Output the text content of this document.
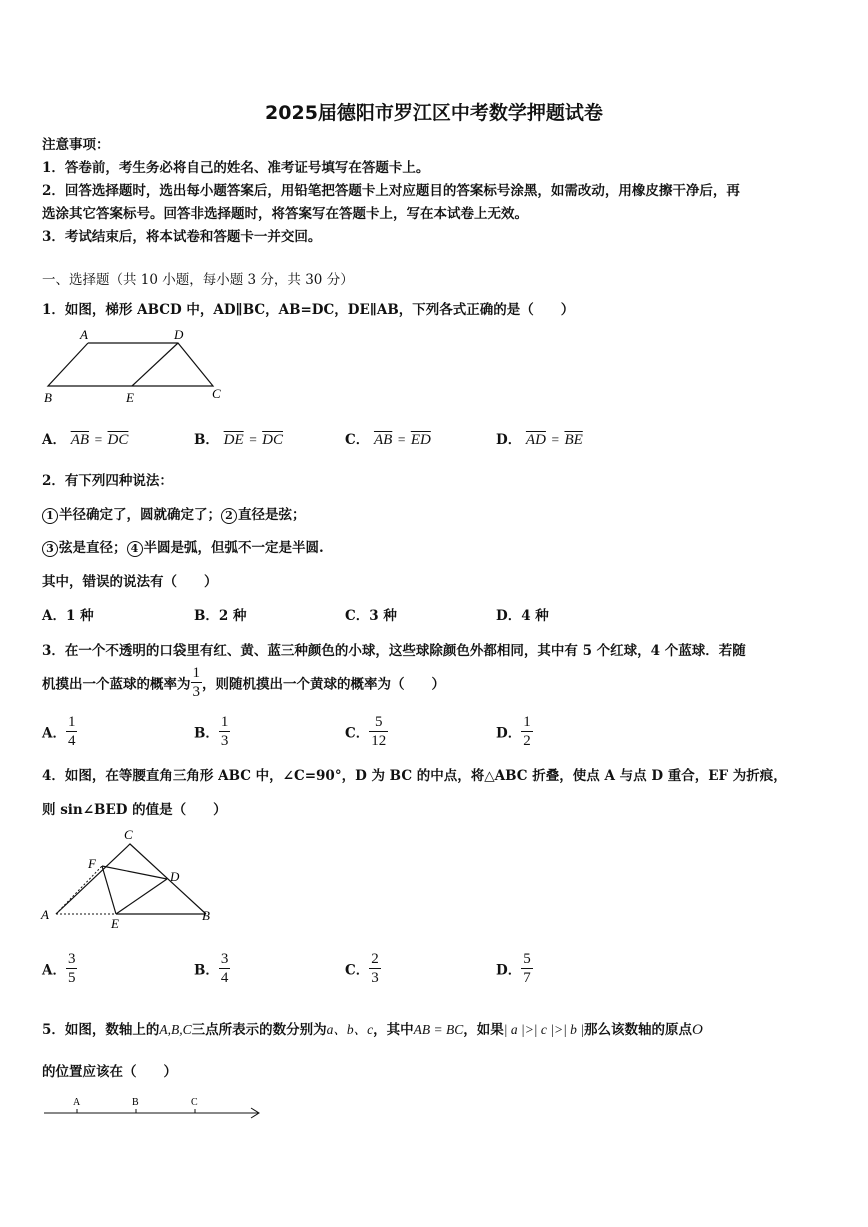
2025届德阳市罗江区中考数学押题试卷
注意事项：
1．答卷前，考生务必将自己的姓名、准考证号填写在答题卡上。
2．回答选择题时，选出每小题答案后，用铅笔把答题卡上对应题目的答案标号涂黑，如需改动，用橡皮擦干净后，再
选涂其它答案标号。回答非选择题时，将答案写在答题卡上，写在本试卷上无效。
3．考试结束后，将本试卷和答题卡一并交回。
一、选择题（共 10 小题，每小题 3 分，共 30 分）
1．如图，梯形 ABCD 中，AD∥BC，AB=DC，DE∥AB，下列各式正确的是（　　）
A	D
B	E	C
A． $\overline{AB} = \overline{DC}$	B． $\overline{DE} = \overline{DC}$	C． $\overline{AB} = \overline{ED}$	D． $\overline{AD} = \overline{BE}$
2．有下列四种说法：
1 半径确定了，圆就确定了； 2 直径是弦；
3 弦是直径； 4 半圆是弧，但弧不一定是半圆.
其中，错误的说法有（　　）
A．1 种	B．2 种	C．3 种	D．4 种
3．在一个不透明的口袋里有红、黄、蓝三种颜色的小球，这些球除颜色外都相同，其中有 5 个红球，4 个蓝球．若随
机摸出一个蓝球的概率为 $\frac{1}{3}$ ，则随机摸出一个黄球的概率为（　　）
A． $\frac{1}{4}$	B． $\frac{1}{3}$	C． $\frac{5}{12}$	D． $\frac{1}{2}$
4．如图，在等腰直角三角形 ABC 中，∠C=90°，D 为 BC 的中点，将△ABC 折叠，使点 A 与点 D 重合，EF 为折痕，
则 sin∠BED 的值是（　　）
C
F
D
A
E
B
A． $\frac{3}{5}$	B． $\frac{3}{4}$	C． $\frac{2}{3}$	D． $\frac{5}{7}$
5．如图，数轴上的A,B,C三点所表示的数分别为a、b、c，其中AB = BC，如果| a |>| c |>| b |那么该数轴的原点O
的位置应该在（　　）
A	B	C
